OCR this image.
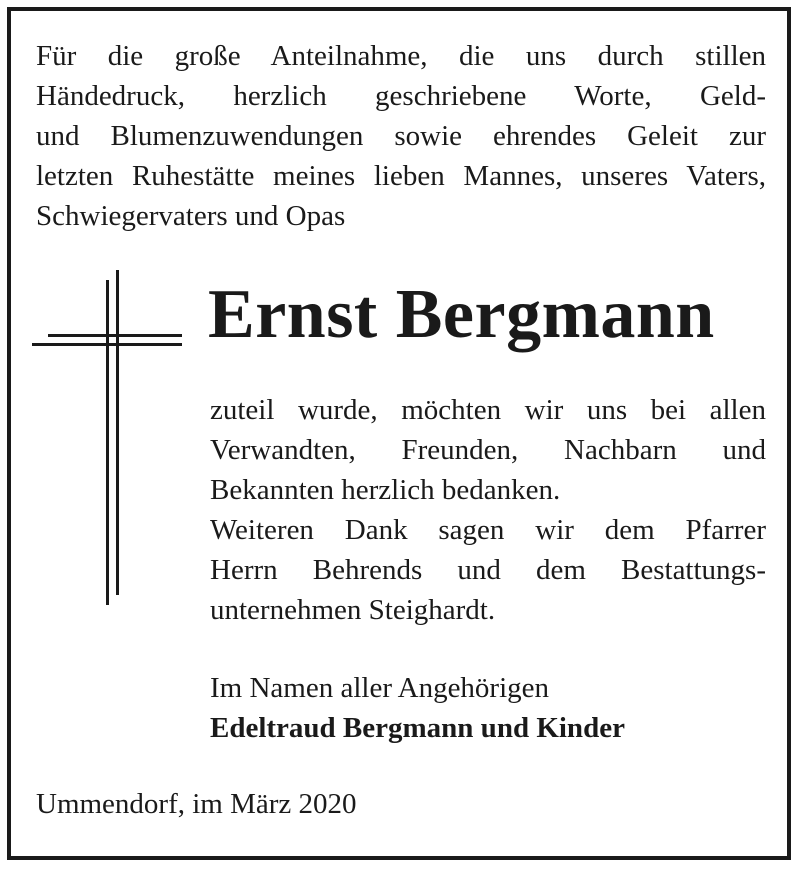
Für die große Anteilnahme, die uns durch stillen
Händedruck, herzlich geschriebene Worte, Geld-
und Blumenzuwendungen sowie ehrendes Geleit zur
letzten Ruhestätte meines lieben Mannes, unseres Vaters,
Schwiegervaters und Opas
Ernst Bergmann
zuteil wurde, möchten wir uns bei allen
Verwandten, Freunden, Nachbarn und
Bekannten herzlich bedanken.
Weiteren Dank sagen wir dem Pfarrer
Herrn Behrends und dem Bestattungs-
unternehmen Steighardt.
Im Namen aller Angehörigen
Edeltraud Bergmann und Kinder
Ummendorf, im März 2020
